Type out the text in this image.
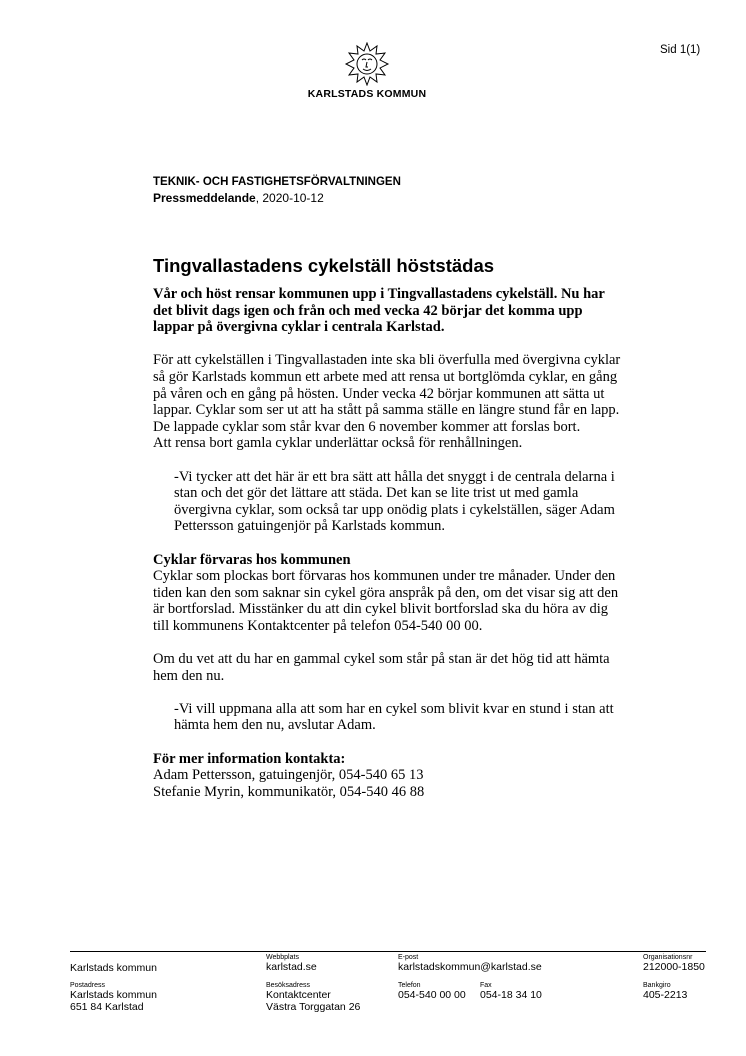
Sid 1(1)
KARLSTADS KOMMUN
TEKNIK- OCH FASTIGHETSFÖRVALTNINGEN
Pressmeddelande, 2020-10-12
Tingvallastadens cykelställ höststädas

Vår och höst rensar kommunen upp i Tingvallastadens cykelställ. Nu har det blivit dags igen och från och med vecka 42 börjar det komma upp lappar på övergivna cyklar i centrala Karlstad.

För att cykelställen i Tingvallastaden inte ska bli överfulla med övergivna cyklar så gör Karlstads kommun ett arbete med att rensa ut bortglömda cyklar, en gång på våren och en gång på hösten. Under vecka 42 börjar kommunen att sätta ut lappar. Cyklar som ser ut att ha stått på samma ställe en längre stund får en lapp. De lappade cyklar som står kvar den 6 november kommer att forslas bort.

Att rensa bort gamla cyklar underlättar också för renhållningen.

-Vi tycker att det här är ett bra sätt att hålla det snyggt i de centrala delarna i stan och det gör det lättare att städa. Det kan se lite trist ut med gamla övergivna cyklar, som också tar upp onödig plats i cykelställen, säger Adam Pettersson gatuingenjör på Karlstads kommun.

Cyklar förvaras hos kommunen

Cyklar som plockas bort förvaras hos kommunen under tre månader. Under den tiden kan den som saknar sin cykel göra anspråk på den, om det visar sig att den är bortforslad. Misstänker du att din cykel blivit bortforslad ska du höra av dig till kommunens Kontaktcenter på telefon 054-540 00 00.

Om du vet att du har en gammal cykel som står på stan är det hög tid att hämta hem den nu.

-Vi vill uppmana alla att som har en cykel som blivit kvar en stund i stan att hämta hem den nu, avslutar Adam.

För mer information kontakta:

Adam Pettersson, gatuingenjör, 054-540 65 13

Stefanie Myrin, kommunikatör, 054-540 46 88

Karlstads kommun
Webbplats
karlstad.se
E-post
karlstadskommun@karlstad.se
Organisationsnr
212000-1850
Postadress
Karlstads kommun
651 84 Karlstad
Besöksadress
Kontaktcenter
Västra Torggatan 26
Telefon
054-540 00 00
Fax
054-18 34 10
Bankgiro
405-2213
